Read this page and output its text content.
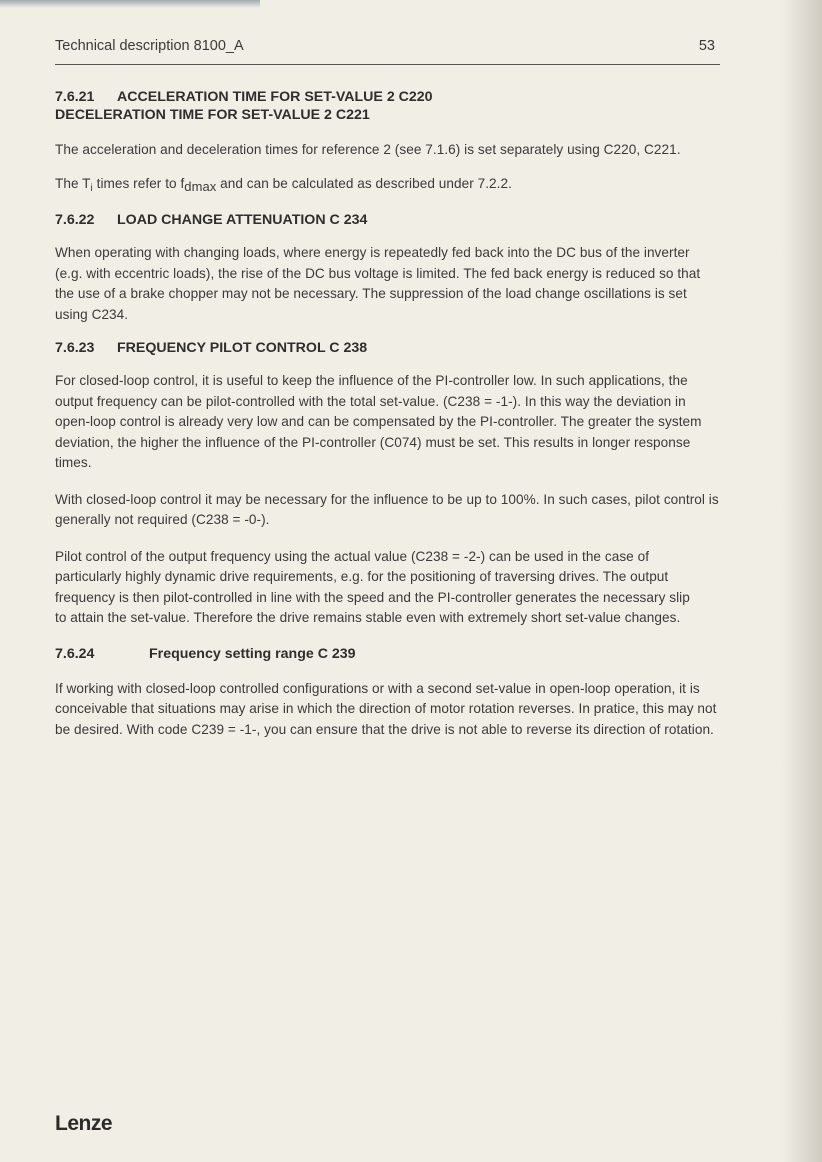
Technical description 8100_A	53
7.6.21 ACCELERATION TIME FOR SET-VALUE 2 C220
DECELERATION TIME FOR SET-VALUE 2 C221

The acceleration and deceleration times for reference 2 (see 7.1.6) is set separately using C220, C221.

The $T_i$ times refer to fdmax and can be calculated as described under 7.2.2.

7.6.22 LOAD CHANGE ATTENUATION C 234

When operating with changing loads, where energy is repeatedly fed back into the DC bus of the inverter (e.g. with eccentric loads), the rise of the DC bus voltage is limited. The fed back energy is reduced so that the use of a brake chopper may not be necessary. The suppression of the load change oscillations is set using C234.

7.6.23 FREQUENCY PILOT CONTROL C 238

For closed-loop control, it is useful to keep the influence of the PI-controller low. In such applications, the output frequency can be pilot-controlled with the total set-value. (C238 = -1-). In this way the deviation in open-loop control is already very low and can be compensated by the PI-controller. The greater the system deviation, the higher the influence of the PI-controller (C074) must be set. This results in longer response times.

With closed-loop control it may be necessary for the influence to be up to 100%. In such cases, pilot control is generally not required (C238 = -0-).

Pilot control of the output frequency using the actual value (C238 = -2-) can be used in the case of particularly highly dynamic drive requirements, e.g. for the positioning of traversing drives. The output frequency is then pilot-controlled in line with the speed and the PI-controller generates the necessary slip to attain the set-value. Therefore the drive remains stable even with extremely short set-value changes.

7.6.24	Frequency setting range C 239

If working with closed-loop controlled configurations or with a second set-value in open-loop operation, it is conceivable that situations may arise in which the direction of motor rotation reverses. In pratice, this may not be desired. With code C239 = -1-, you can ensure that the drive is not able to reverse its direction of rotation.

Lenze
